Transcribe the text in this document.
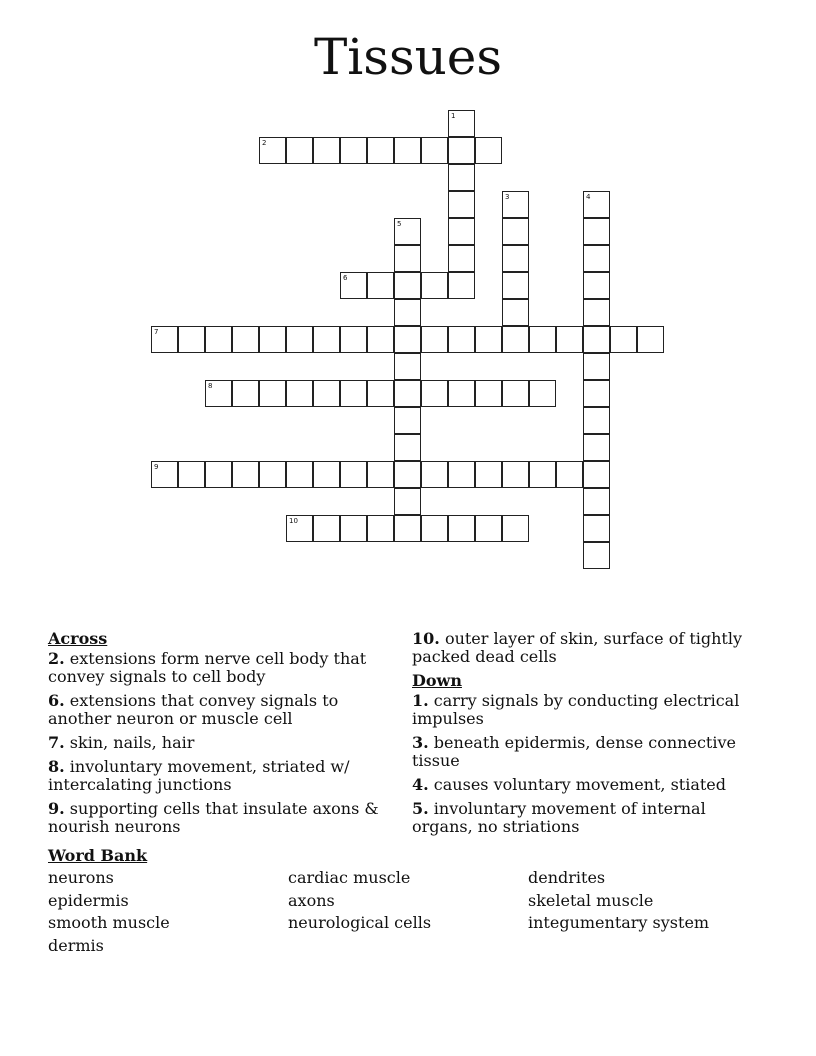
Tissues
1
2
3	4
5
6
7
8
9
10
Across
2. extensions form nerve cell body that convey signals to cell body
6. extensions that convey signals to another neuron or muscle cell
7. skin, nails, hair
8. involuntary movement, striated w/ intercalating junctions
9. supporting cells that insulate axons & nourish neurons
10. outer layer of skin, surface of tightly packed dead cells
Down
1. carry signals by conducting electrical impulses
3. beneath epidermis, dense connective tissue
4. causes voluntary movement, stiated
5. involuntary movement of internal organs, no striations
Word Bank
neurons	cardiac muscle	dendrites
epidermis	axons	skeletal muscle
smooth muscle	neurological cells	integumentary system
dermis
